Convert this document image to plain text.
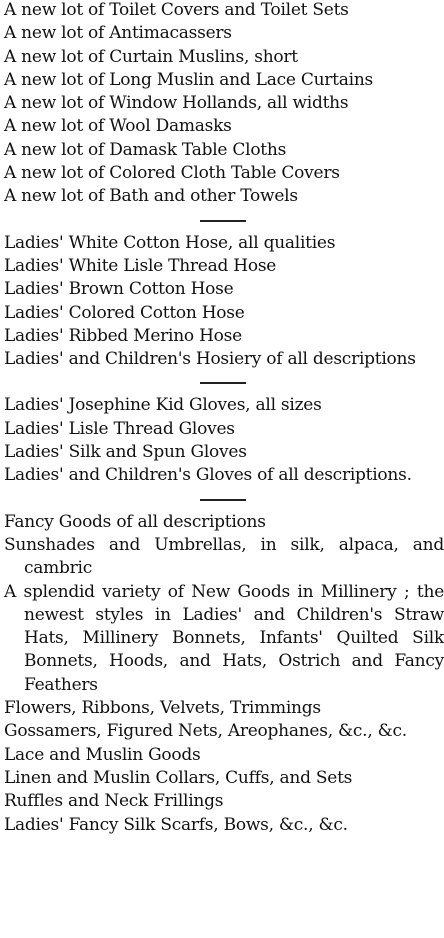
A new lot of Toilet Covers and Toilet Sets

A new lot of Antimacassers

A new lot of Curtain Muslins, short

A new lot of Long Muslin and Lace Curtains

A new lot of Window Hollands, all widths

A new lot of Wool Damasks

A new lot of Damask Table Cloths

A new lot of Colored Cloth Table Covers

A new lot of Bath and other Towels

Ladies' White Cotton Hose, all qualities

Ladies' White Lisle Thread Hose

Ladies' Brown Cotton Hose

Ladies' Colored Cotton Hose

Ladies' Ribbed Merino Hose

Ladies' and Children's Hosiery of all descriptions

Ladies' Josephine Kid Gloves, all sizes

Ladies' Lisle Thread Gloves

Ladies' Silk and Spun Gloves

Ladies' and Children's Gloves of all descriptions.

Fancy Goods of all descriptions

Sunshades and Umbrellas, in silk, alpaca, and cambric

A splendid variety of New Goods in Millinery ; the newest styles in Ladies' and Children's Straw Hats, Millinery Bonnets, Infants' Quilted Silk Bonnets, Hoods, and Hats, Ostrich and Fancy Feathers

Flowers, Ribbons, Velvets, Trimmings

Gossamers, Figured Nets, Areophanes, &c., &c.

Lace and Muslin Goods

Linen and Muslin Collars, Cuffs, and Sets

Ruffles and Neck Frillings

Ladies' Fancy Silk Scarfs, Bows, &c., &c.
